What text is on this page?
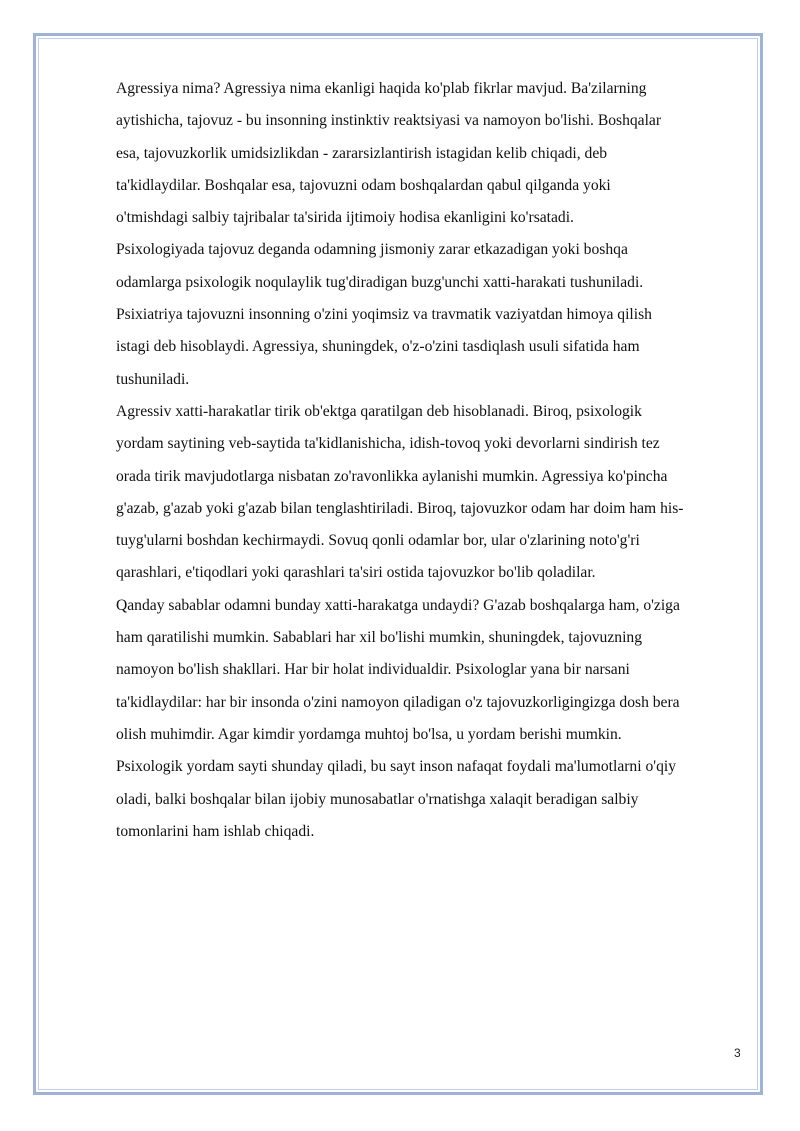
Agressiya nima? Agressiya nima ekanligi haqida ko'plab fikrlar mavjud. Ba'zilarning
aytishicha, tajovuz - bu insonning instinktiv reaktsiyasi va namoyon bo'lishi. Boshqalar
esa, tajovuzkorlik umidsizlikdan - zararsizlantirish istagidan kelib chiqadi, deb
ta'kidlaydilar. Boshqalar esa, tajovuzni odam boshqalardan qabul qilganda yoki
o'tmishdagi salbiy tajribalar ta'sirida ijtimoiy hodisa ekanligini ko'rsatadi.
Psixologiyada tajovuz deganda odamning jismoniy zarar etkazadigan yoki boshqa
odamlarga psixologik noqulaylik tug'diradigan buzg'unchi xatti-harakati tushuniladi.
Psixiatriya tajovuzni insonning o'zini yoqimsiz va travmatik vaziyatdan himoya qilish
istagi deb hisoblaydi. Agressiya, shuningdek, o'z-o'zini tasdiqlash usuli sifatida ham
tushuniladi.
Agressiv xatti-harakatlar tirik ob'ektga qaratilgan deb hisoblanadi. Biroq, psixologik
yordam saytining veb-saytida ta'kidlanishicha, idish-tovoq yoki devorlarni sindirish tez
orada tirik mavjudotlarga nisbatan zo'ravonlikka aylanishi mumkin. Agressiya ko'pincha
g'azab, g'azab yoki g'azab bilan tenglashtiriladi. Biroq, tajovuzkor odam har doim ham his-
tuyg'ularni boshdan kechirmaydi. Sovuq qonli odamlar bor, ular o'zlarining noto'g'ri
qarashlari, e'tiqodlari yoki qarashlari ta'siri ostida tajovuzkor bo'lib qoladilar.
Qanday sabablar odamni bunday xatti-harakatga undaydi? G'azab boshqalarga ham, o'ziga
ham qaratilishi mumkin. Sabablari har xil bo'lishi mumkin, shuningdek, tajovuzning
namoyon bo'lish shakllari. Har bir holat individualdir. Psixologlar yana bir narsani
ta'kidlaydilar: har bir insonda o'zini namoyon qiladigan o'z tajovuzkorligingizga dosh bera
olish muhimdir. Agar kimdir yordamga muhtoj bo'lsa, u yordam berishi mumkin.
Psixologik yordam sayti shunday qiladi, bu sayt inson nafaqat foydali ma'lumotlarni o'qiy
oladi, balki boshqalar bilan ijobiy munosabatlar o'rnatishga xalaqit beradigan salbiy
tomonlarini ham ishlab chiqadi.
3
